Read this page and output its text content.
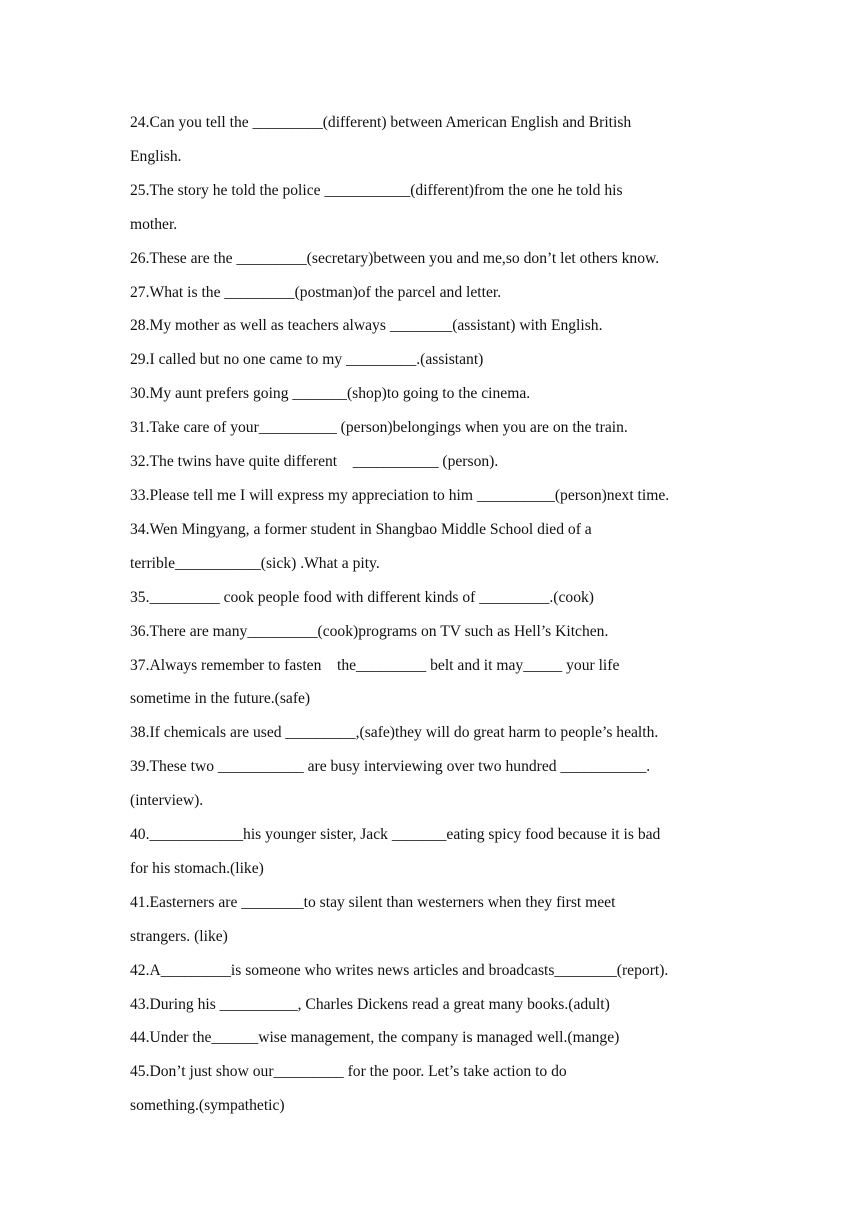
24.Can you tell the _________(different) between American English and British
English.
25.The story he told the police ___________(different)from the one he told his
mother.
26.These are the _________(secretary)between you and me,so don’t let others know.
27.What is the _________(postman)of the parcel and letter.
28.My mother as well as teachers always ________(assistant) with English.
29.I called but no one came to my _________.(assistant)
30.My aunt prefers going _______(shop)to going to the cinema.
31.Take care of your__________ (person)belongings when you are on the train.
32.The twins have quite different    ___________ (person).
33.Please tell me I will express my appreciation to him __________(person)next time.
34.Wen Mingyang, a former student in Shangbao Middle School died of a
terrible___________(sick) .What a pity.
35._________ cook people food with different kinds of _________.(cook)
36.There are many_________(cook)programs on TV such as Hell’s Kitchen.
37.Always remember to fasten    the_________ belt and it may_____ your life
sometime in the future.(safe)
38.If chemicals are used _________,(safe)they will do great harm to people’s health.
39.These two ___________ are busy interviewing over two hundred ___________.
(interview).
40.____________his younger sister, Jack _______eating spicy food because it is bad
for his stomach.(like)
41.Easterners are ________to stay silent than westerners when they first meet
strangers. (like)
42.A_________is someone who writes news articles and broadcasts________(report).
43.During his __________, Charles Dickens read a great many books.(adult)
44.Under the______wise management, the company is managed well.(mange)
45.Don’t just show our_________ for the poor. Let’s take action to do
something.(sympathetic)
